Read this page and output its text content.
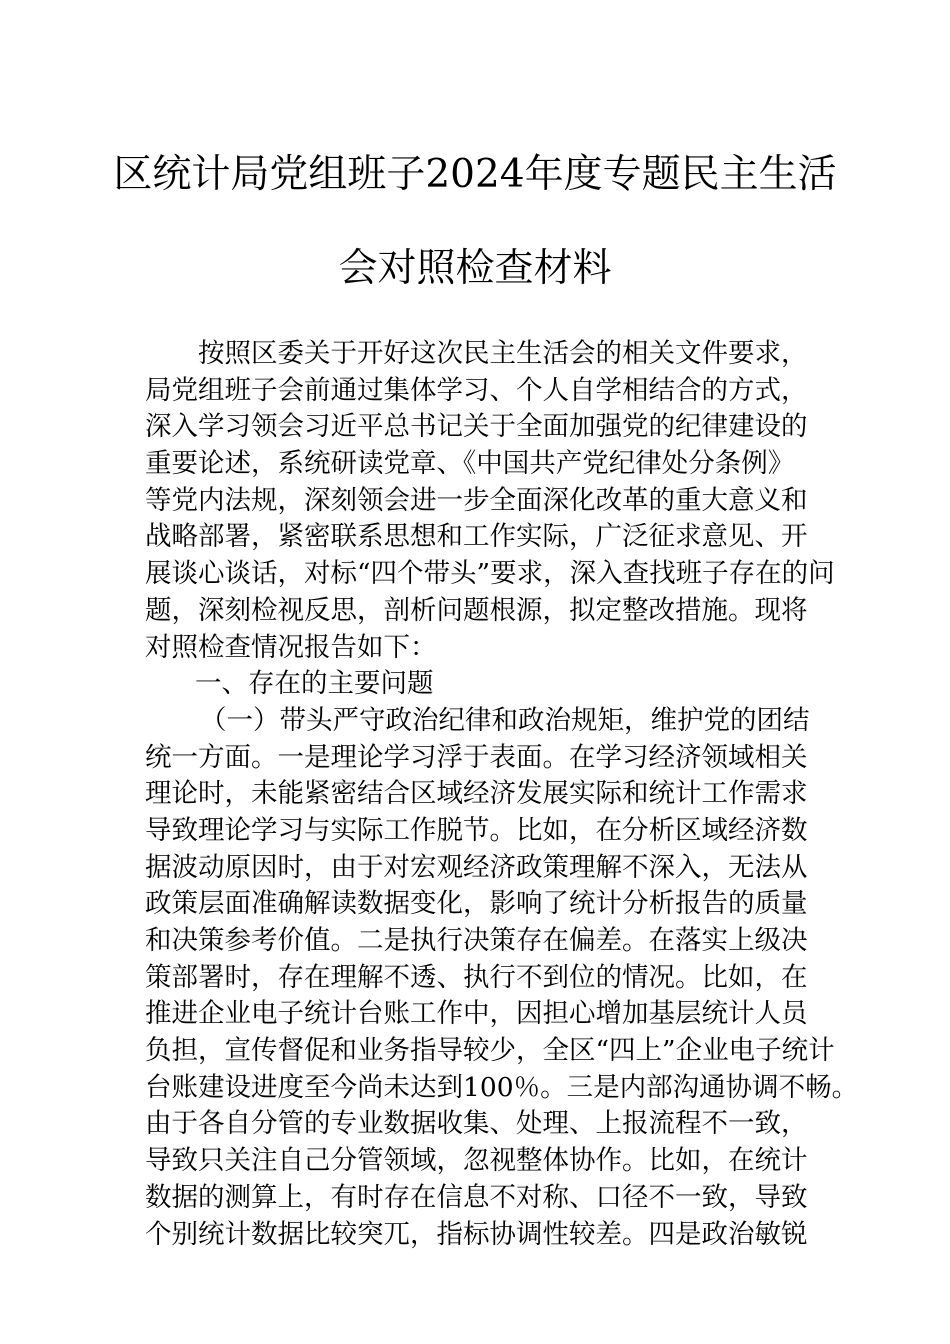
区统计局党组班子2024年度专题民主生活
会对照检查材料
按照区委关于开好这次民主生活会的相关文件要求，
局党组班子会前通过集体学习、个人自学相结合的方式，
深入学习领会习近平总书记关于全面加强党的纪律建设的
重要论述，系统研读党章、《中国共产党纪律处分条例》
等党内法规，深刻领会进一步全面深化改革的重大意义和
战略部署，紧密联系思想和工作实际，广泛征求意见、开
展谈心谈话，对标“四个带头”要求，深入查找班子存在的问
题，深刻检视反思，剖析问题根源，拟定整改措施。现将
对照检查情况报告如下：
一、存在的主要问题
（一）带头严守政治纪律和政治规矩，维护党的团结
统一方面。一是理论学习浮于表面。在学习经济领域相关
理论时，未能紧密结合区域经济发展实际和统计工作需求
导致理论学习与实际工作脱节。比如，在分析区域经济数
据波动原因时，由于对宏观经济政策理解不深入，无法从
政策层面准确解读数据变化，影响了统计分析报告的质量
和决策参考价值。二是执行决策存在偏差。在落实上级决
策部署时，存在理解不透、执行不到位的情况。比如，在
推进企业电子统计台账工作中，因担心增加基层统计人员
负担，宣传督促和业务指导较少，全区“四上”企业电子统计
台账建设进度至今尚未达到100％。三是内部沟通协调不畅。
由于各自分管的专业数据收集、处理、上报流程不一致，
导致只关注自己分管领域，忽视整体协作。比如，在统计
数据的测算上，有时存在信息不对称、口径不一致，导致
个别统计数据比较突兀，指标协调性较差。四是政治敏锐
